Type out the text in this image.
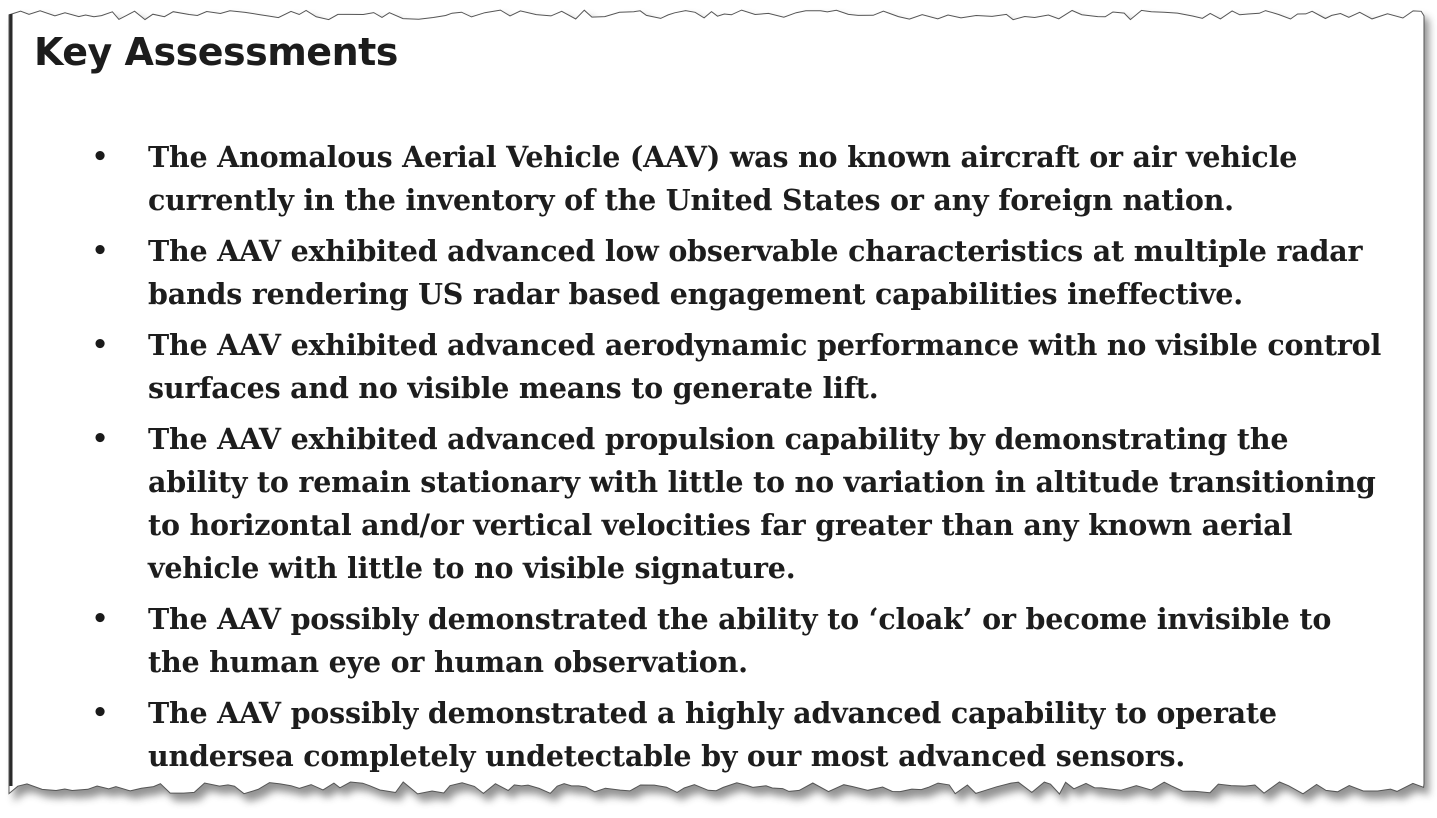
Key Assessments
• The Anomalous Aerial Vehicle (AAV) was no known aircraft or air vehicle currently in the inventory of the United States or any foreign nation.
• The AAV exhibited advanced low observable characteristics at multiple radar bands rendering US radar based engagement capabilities ineffective.
• The AAV exhibited advanced aerodynamic performance with no visible control surfaces and no visible means to generate lift.
• The AAV exhibited advanced propulsion capability by demonstrating the ability to remain stationary with little to no variation in altitude transitioning to horizontal and/or vertical velocities far greater than any known aerial vehicle with little to no visible signature.
• The AAV possibly demonstrated the ability to ‘cloak’ or become invisible to the human eye or human observation.
• The AAV possibly demonstrated a highly advanced capability to operate undersea completely undetectable by our most advanced sensors.
